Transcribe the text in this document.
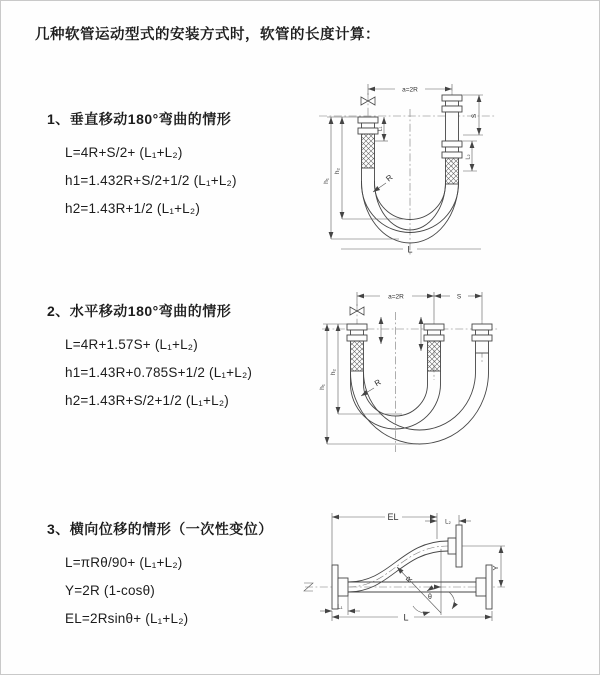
几种软管运动型式的安装方式时，软管的长度计算：
1、垂直移动180°弯曲的情形
L=4R+S/2+ (L₁+L₂)
h1=1.432R+S/2+1/2 (L₁+L₂)
h2=1.43R+1/2 (L₁+L₂)
2、水平移动180°弯曲的情形
L=4R+1.57S+ (L₁+L₂)
h1=1.43R+0.785S+1/2 (L₁+L₂)
h2=1.43R+S/2+1/2 (L₁+L₂)
3、横向位移的情形（一次性变位）
L=πRθ/90+ (L₁+L₂)
Y=2R (1-cosθ)
EL=2Rsinθ+ (L₁+L₂)
a=2R
h₁
h₂
L₁
S
L₂
R
L
a=2R	S
h₁
h₂
R
EL
L₂
Y
L
L₁
R
θ
